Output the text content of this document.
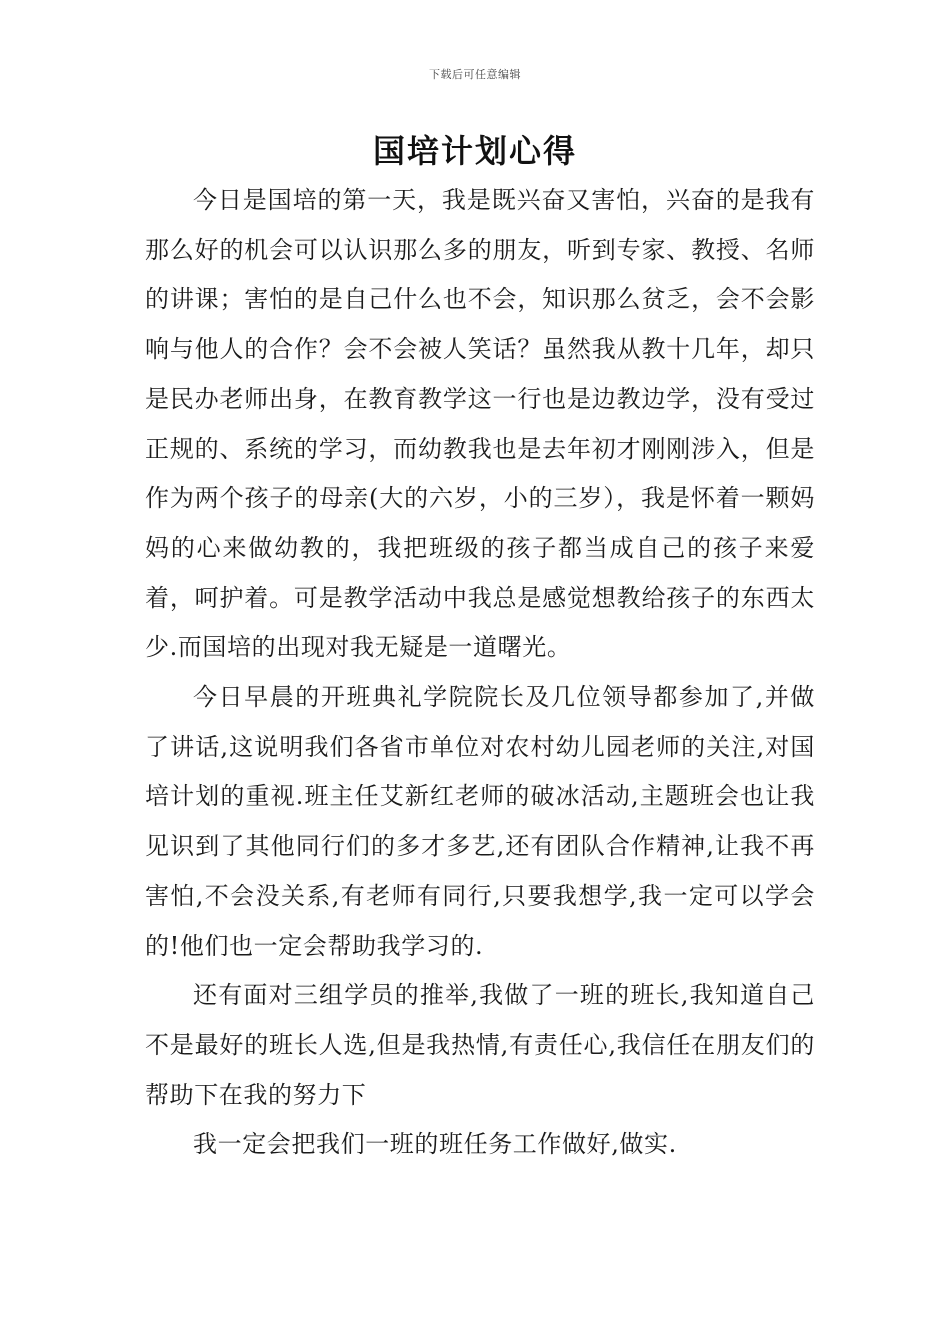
下载后可任意编辑
国培计划心得

今日是国培的第一天，我是既兴奋又害怕，兴奋的是我有那么好的机会可以认识那么多的朋友，听到专家、教授、名师的讲课；害怕的是自己什么也不会，知识那么贫乏，会不会影响与他人的合作？会不会被人笑话？虽然我从教十几年，却只是民办老师出身，在教育教学这一行也是边教边学，没有受过正规的、系统的学习，而幼教我也是去年初才刚刚涉入，但是作为两个孩子的母亲(大的六岁，小的三岁），我是怀着一颗妈妈的心来做幼教的，我把班级的孩子都当成自己的孩子来爱着，呵护着。可是教学活动中我总是感觉想教给孩子的东西太少.而国培的出现对我无疑是一道曙光。

今日早晨的开班典礼学院院长及几位领导都参加了,并做了讲话,这说明我们各省市单位对农村幼儿园老师的关注,对国培计划的重视.班主任艾新红老师的破冰活动,主题班会也让我见识到了其他同行们的多才多艺,还有团队合作精神,让我不再害怕,不会没关系,有老师有同行,只要我想学,我一定可以学会的!他们也一定会帮助我学习的.

还有面对三组学员的推举,我做了一班的班长,我知道自己不是最好的班长人选,但是我热情,有责任心,我信任在朋友们的帮助下在我的努力下

我一定会把我们一班的班任务工作做好,做实.
